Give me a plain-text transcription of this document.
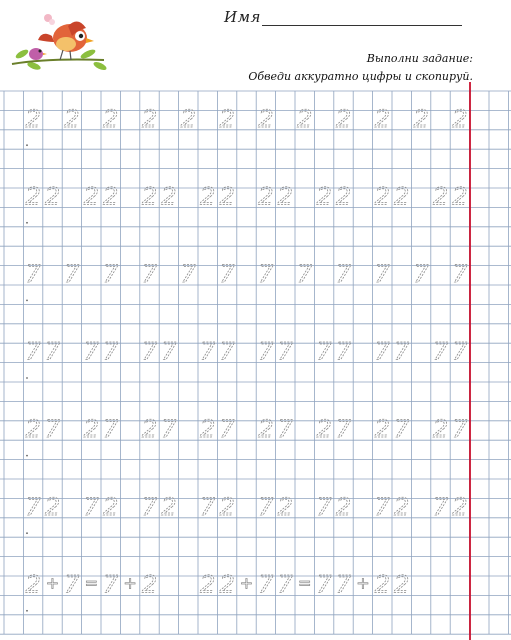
Имя
Выполни задание:
Обведи аккуратно цифры и скопируй.
2 2 2 2 2 2 2 2 2 2 2 2
2 2 2 2 2 2 2 2 2 2 2 2 2 2 2 2
7 7 7 7 7 7 7 7 7 7 7 7
7 7 7 7 7 7 7 7 7 7 7 7 7 7 7 7
2 7 2 7 2 7 2 7 2 7 2 7 2 7 2 7
7 2 7 2 7 2 7 2 7 2 7 2 7 2 7 2
2 + 7 = 7 + 2 2 2 + 7 7 = 7 7 + 2 2
